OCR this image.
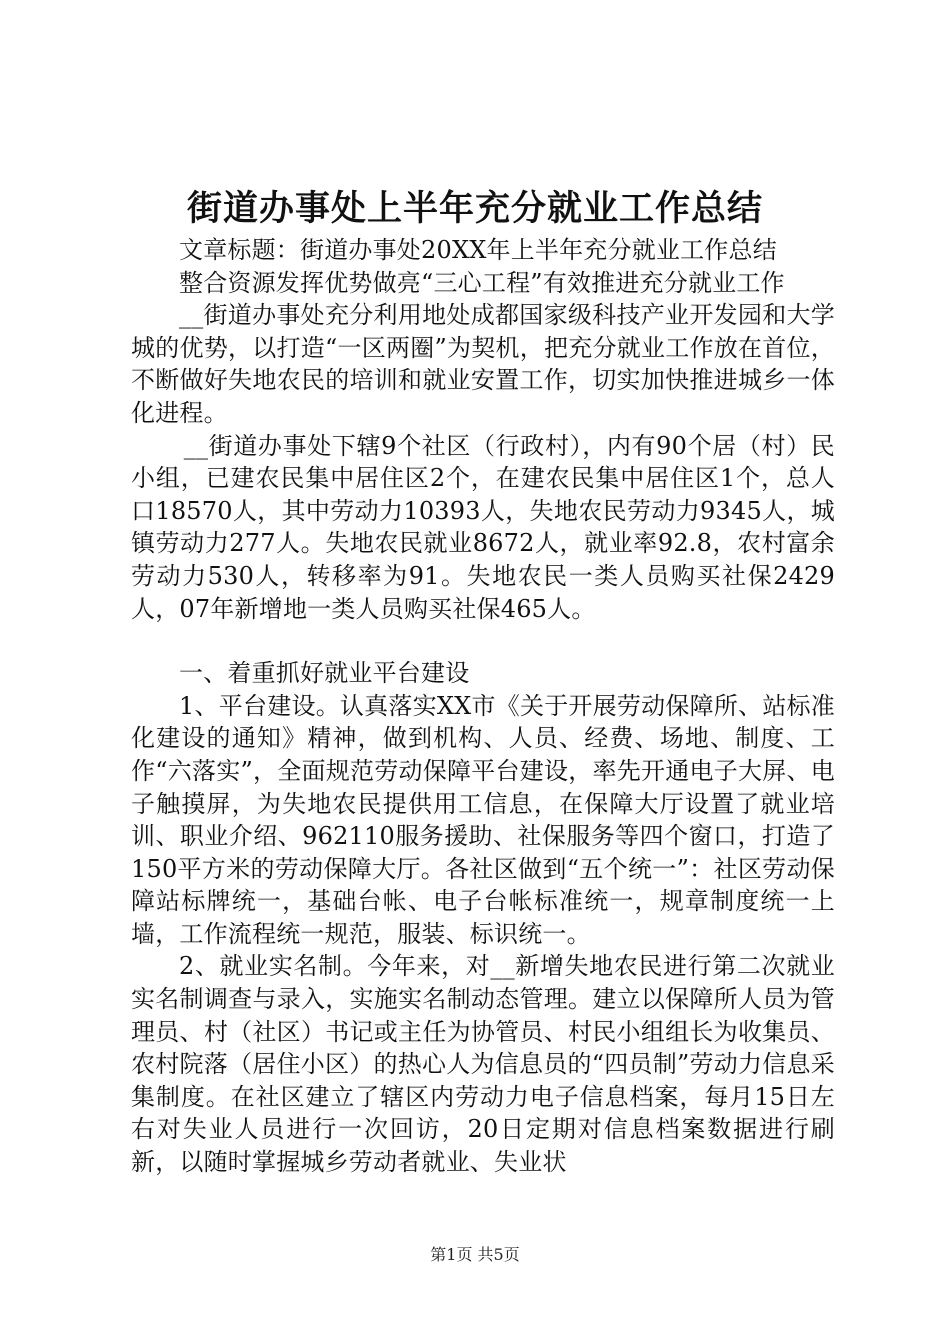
街道办事处上半年充分就业工作总结

文章标题：街道办事处20XX年上半年充分就业工作总结

整合资源发挥优势做亮“三心工程”有效推进充分就业工作

__街道办事处充分利用地处成都国家级科技产业开发园和大学城的优势，以打造“一区两圈”为契机，把充分就业工作放在首位，不断做好失地农民的培训和就业安置工作，切实加快推进城乡一体化进程。

__街道办事处下辖9个社区（行政村），内有90个居（村）民小组，已建农民集中居住区2个，在建农民集中居住区1个，总人口18570人，其中劳动力10393人，失地农民劳动力9345人，城镇劳动力277人。失地农民就业8672人，就业率92.8，农村富余劳动力530人，转移率为91。失地农民一类人员购买社保2429人，07年新增地一类人员购买社保465人。

一、着重抓好就业平台建设

1、平台建设。认真落实XX市《关于开展劳动保障所、站标准化建设的通知》精神，做到机构、人员、经费、场地、制度、工作“六落实”，全面规范劳动保障平台建设，率先开通电子大屏、电子触摸屏，为失地农民提供用工信息，在保障大厅设置了就业培训、职业介绍、962110服务援助、社保服务等四个窗口，打造了150平方米的劳动保障大厅。各社区做到“五个统一”：社区劳动保障站标牌统一，基础台帐、电子台帐标准统一，规章制度统一上墙，工作流程统一规范，服装、标识统一。

2、就业实名制。今年来，对__新增失地农民进行第二次就业实名制调查与录入，实施实名制动态管理。建立以保障所人员为管理员、村（社区）书记或主任为协管员、村民小组组长为收集员、农村院落（居住小区）的热心人为信息员的“四员制”劳动力信息采集制度。在社区建立了辖区内劳动力电子信息档案，每月15日左右对失业人员进行一次回访，20日定期对信息档案数据进行刷新，以随时掌握城乡劳动者就业、失业状

第1页 共5页
